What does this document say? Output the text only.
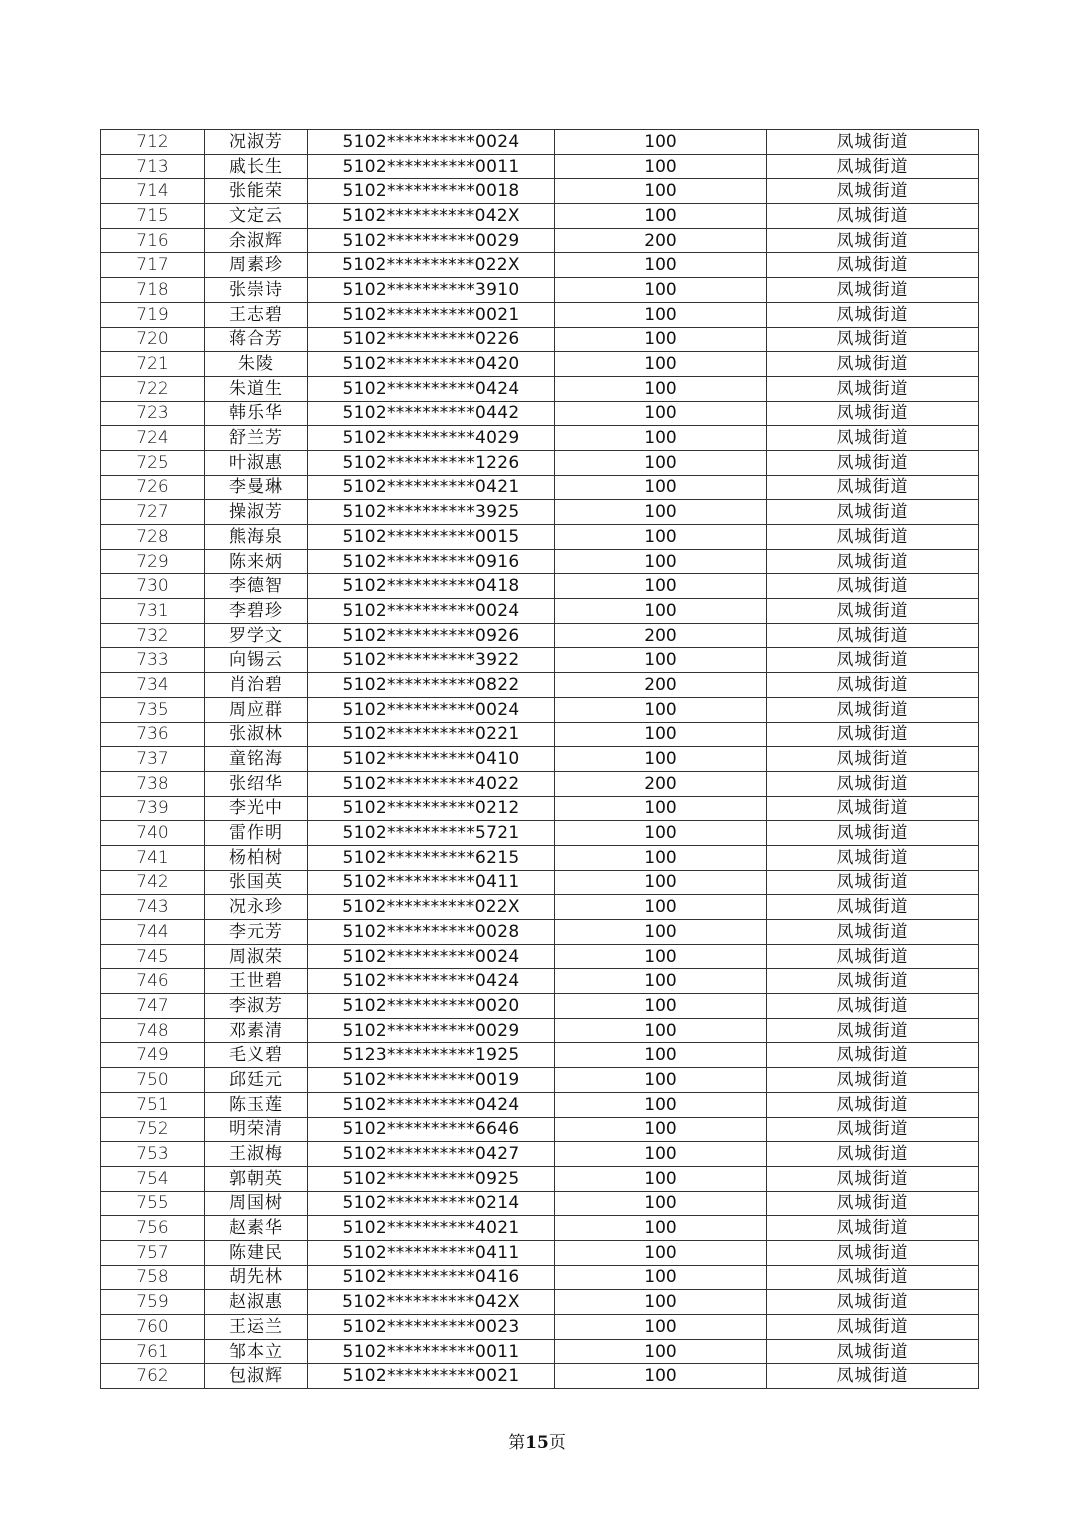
712	况淑芳	5102**********0024	100	凤城街道
713	戚长生	5102**********0011	100	凤城街道
714	张能荣	5102**********0018	100	凤城街道
715	文定云	5102**********042X	100	凤城街道
716	余淑辉	5102**********0029	200	凤城街道
717	周素珍	5102**********022X	100	凤城街道
718	张崇诗	5102**********3910	100	凤城街道
719	王志碧	5102**********0021	100	凤城街道
720	蒋合芳	5102**********0226	100	凤城街道
721	朱陵	5102**********0420	100	凤城街道
722	朱道生	5102**********0424	100	凤城街道
723	韩乐华	5102**********0442	100	凤城街道
724	舒兰芳	5102**********4029	100	凤城街道
725	叶淑惠	5102**********1226	100	凤城街道
726	李曼琳	5102**********0421	100	凤城街道
727	操淑芳	5102**********3925	100	凤城街道
728	熊海泉	5102**********0015	100	凤城街道
729	陈来炳	5102**********0916	100	凤城街道
730	李德智	5102**********0418	100	凤城街道
731	李碧珍	5102**********0024	100	凤城街道
732	罗学文	5102**********0926	200	凤城街道
733	向锡云	5102**********3922	100	凤城街道
734	肖治碧	5102**********0822	200	凤城街道
735	周应群	5102**********0024	100	凤城街道
736	张淑林	5102**********0221	100	凤城街道
737	童铭海	5102**********0410	100	凤城街道
738	张绍华	5102**********4022	200	凤城街道
739	李光中	5102**********0212	100	凤城街道
740	雷作明	5102**********5721	100	凤城街道
741	杨柏树	5102**********6215	100	凤城街道
742	张国英	5102**********0411	100	凤城街道
743	况永珍	5102**********022X	100	凤城街道
744	李元芳	5102**********0028	100	凤城街道
745	周淑荣	5102**********0024	100	凤城街道
746	王世碧	5102**********0424	100	凤城街道
747	李淑芳	5102**********0020	100	凤城街道
748	邓素清	5102**********0029	100	凤城街道
749	毛义碧	5123**********1925	100	凤城街道
750	邱廷元	5102**********0019	100	凤城街道
751	陈玉莲	5102**********0424	100	凤城街道
752	明荣清	5102**********6646	100	凤城街道
753	王淑梅	5102**********0427	100	凤城街道
754	郭朝英	5102**********0925	100	凤城街道
755	周国树	5102**********0214	100	凤城街道
756	赵素华	5102**********4021	100	凤城街道
757	陈建民	5102**********0411	100	凤城街道
758	胡先林	5102**********0416	100	凤城街道
759	赵淑惠	5102**********042X	100	凤城街道
760	王运兰	5102**********0023	100	凤城街道
761	邹本立	5102**********0011	100	凤城街道
762	包淑辉	5102**********0021	100	凤城街道
第15页
